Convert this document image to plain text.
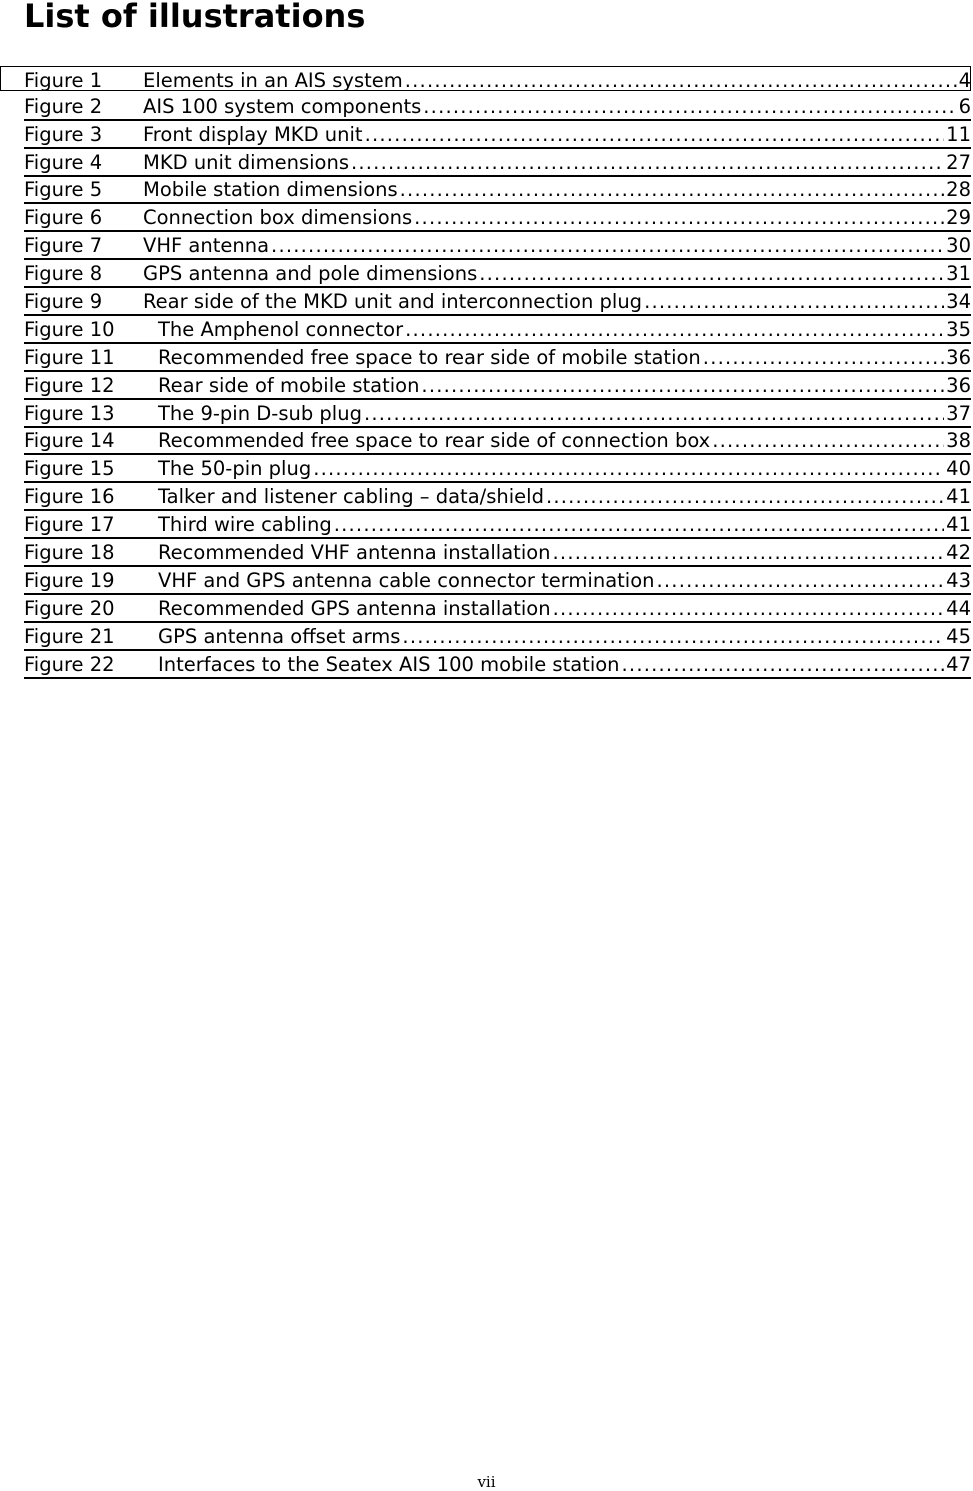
List of illustrations
Figure 1	Elements in an AIS system .....	4
Figure 2	AIS 100 system components .....	6
Figure 3	Front display MKD unit .....	11
Figure 4	MKD unit dimensions .....	27
Figure 5	Mobile station dimensions .....	28
Figure 6	Connection box dimensions .....	29
Figure 7	VHF antenna .....	30
Figure 8	GPS antenna and pole dimensions .....	31
Figure 9	Rear side of the MKD unit and interconnection plug .....	34
Figure 10	The Amphenol connector .....	35
Figure 11	Recommended free space to rear side of mobile station .....	36
Figure 12	Rear side of mobile station .....	36
Figure 13	The 9-pin D-sub plug .....	37
Figure 14	Recommended free space to rear side of connection box .....	38
Figure 15	The 50-pin plug .....	40
Figure 16	Talker and listener cabling – data/shield .....	41
Figure 17	Third wire cabling .....	41
Figure 18	Recommended VHF antenna installation .....	42
Figure 19	VHF and GPS antenna cable connector termination .....	43
Figure 20	Recommended GPS antenna installation .....	44
Figure 21	GPS antenna offset arms .....	45
Figure 22	Interfaces to the Seatex AIS 100 mobile station .....	47
vii
